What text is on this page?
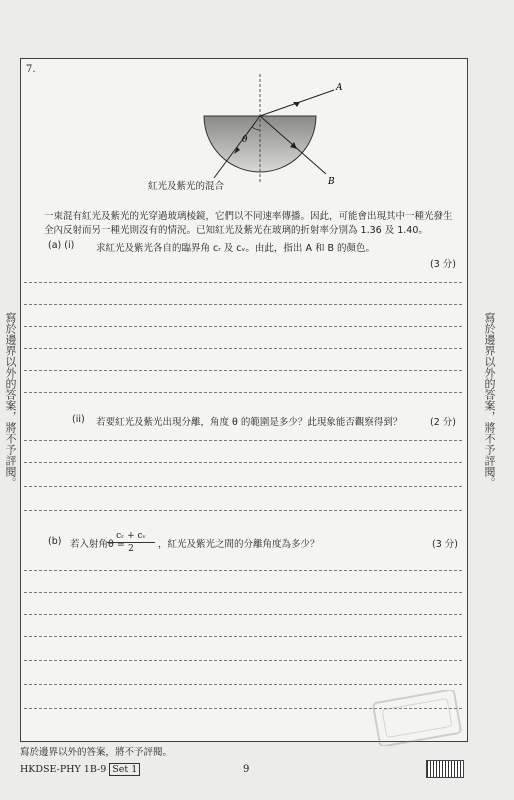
寫於邊界以外的答案，將不予評閱。	寫於邊界以外的答案，將不予評閱。
7.
θ
A
B
紅光及紫光的混合
一束混有紅光及紫光的光穿過玻璃棱鏡，它們以不同速率傳播。因此，可能會出現其中一種光發生
全內反射而另一種光則沒有的情況。已知紅光及紫光在玻璃的折射率分別為 1.36 及 1.40。
(a) (i) 求紅光及紫光各自的臨界角 cᵣ 及 cᵥ。由此，指出 A 和 B 的顏色。
(3 分)
(ii) 若要紅光及紫光出現分離，角度 θ 的範圍是多少？此現象能否觀察得到？	(2 分)
(b) 若入射角θ =
$\frac{\text{cᵣ + cᵥ}}{2}$ ，紅光及紫光之間的分離角度為多少？	(3 分)
寫於邊界以外的答案，將不予評閱。
HKDSE-PHY 1B-9 Set 1	9
